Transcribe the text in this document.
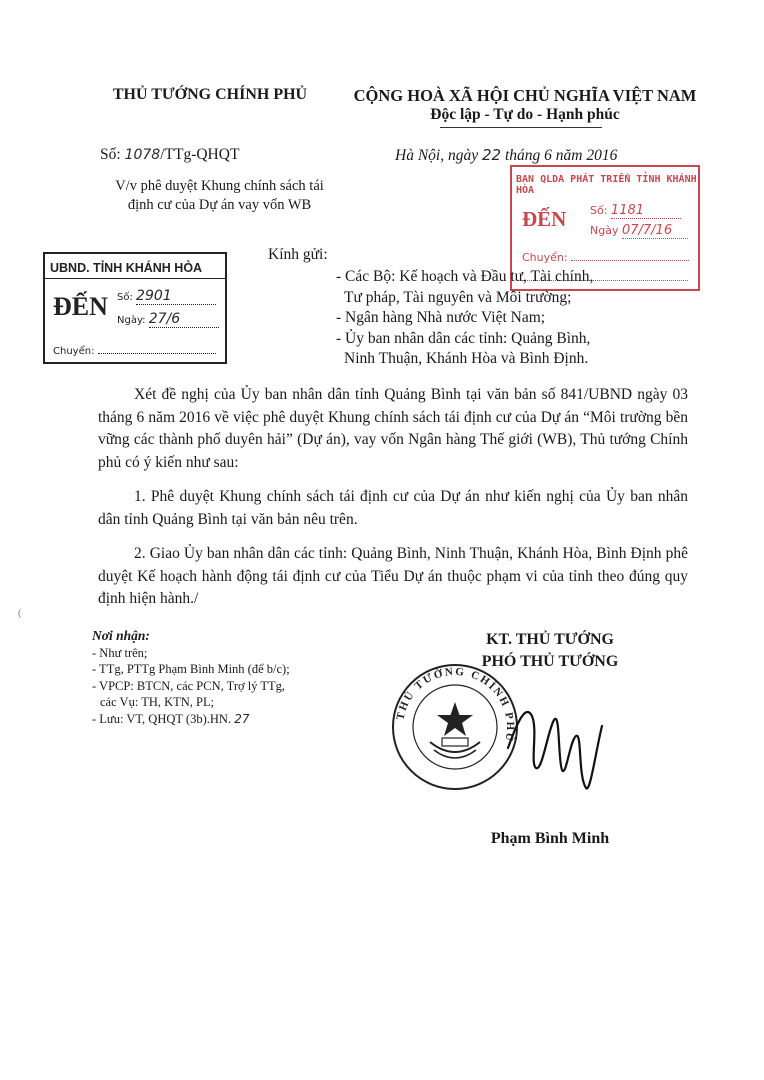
THỦ TƯỚNG CHÍNH PHỦ	CỘNG HOÀ XÃ HỘI CHỦ NGHĨA VIỆT NAM
Độc lập - Tự do - Hạnh phúc
Số: 1078/TTg-QHQT	Hà Nội, ngày 22 tháng 6 năm 2016
V/v phê duyệt Khung chính sách tái
định cư của Dự án vay vốn WB
BAN QLDA PHÁT TRIỂN TỈNH KHÁNH HÒA
ĐẾN Số: 1181
Ngày 07/7/16
Chuyển:
UBND. TỈNH KHÁNH HÒA
ĐẾN Số: 2901
Ngày: 27/6
Chuyển:
Kính gửi:
- Các Bộ: Kế hoạch và Đầu tư, Tài chính,
Tư pháp, Tài nguyên và Môi trường;
- Ngân hàng Nhà nước Việt Nam;
- Ủy ban nhân dân các tỉnh: Quảng Bình,
Ninh Thuận, Khánh Hòa và Bình Định.

Xét đề nghị của Ủy ban nhân dân tỉnh Quảng Bình tại văn bản số 841/UBND ngày 03 tháng 6 năm 2016 về việc phê duyệt Khung chính sách tái định cư của Dự án “Môi trường bền vững các thành phố duyên hải” (Dự án), vay vốn Ngân hàng Thế giới (WB), Thủ tướng Chính phủ có ý kiến như sau:

1. Phê duyệt Khung chính sách tái định cư của Dự án như kiến nghị của Ủy ban nhân dân tỉnh Quảng Bình tại văn bản nêu trên.

2. Giao Ủy ban nhân dân các tỉnh: Quảng Bình, Ninh Thuận, Khánh Hòa, Bình Định phê duyệt Kế hoạch hành động tái định cư của Tiểu Dự án thuộc phạm vi của tỉnh theo đúng quy định hiện hành./

Nơi nhận:
- Như trên;
- TTg, PTTg Phạm Bình Minh (để b/c);
- VPCP: BTCN, các PCN, Trợ lý TTg,
các Vụ: TH, KTN, PL;
- Lưu: VT, QHQT (3b).HN. 27
KT. THỦ TƯỚNG
PHÓ THỦ TƯỚNG
THỦ TƯỚNG CHÍNH PHỦ
Phạm Bình Minh
(
